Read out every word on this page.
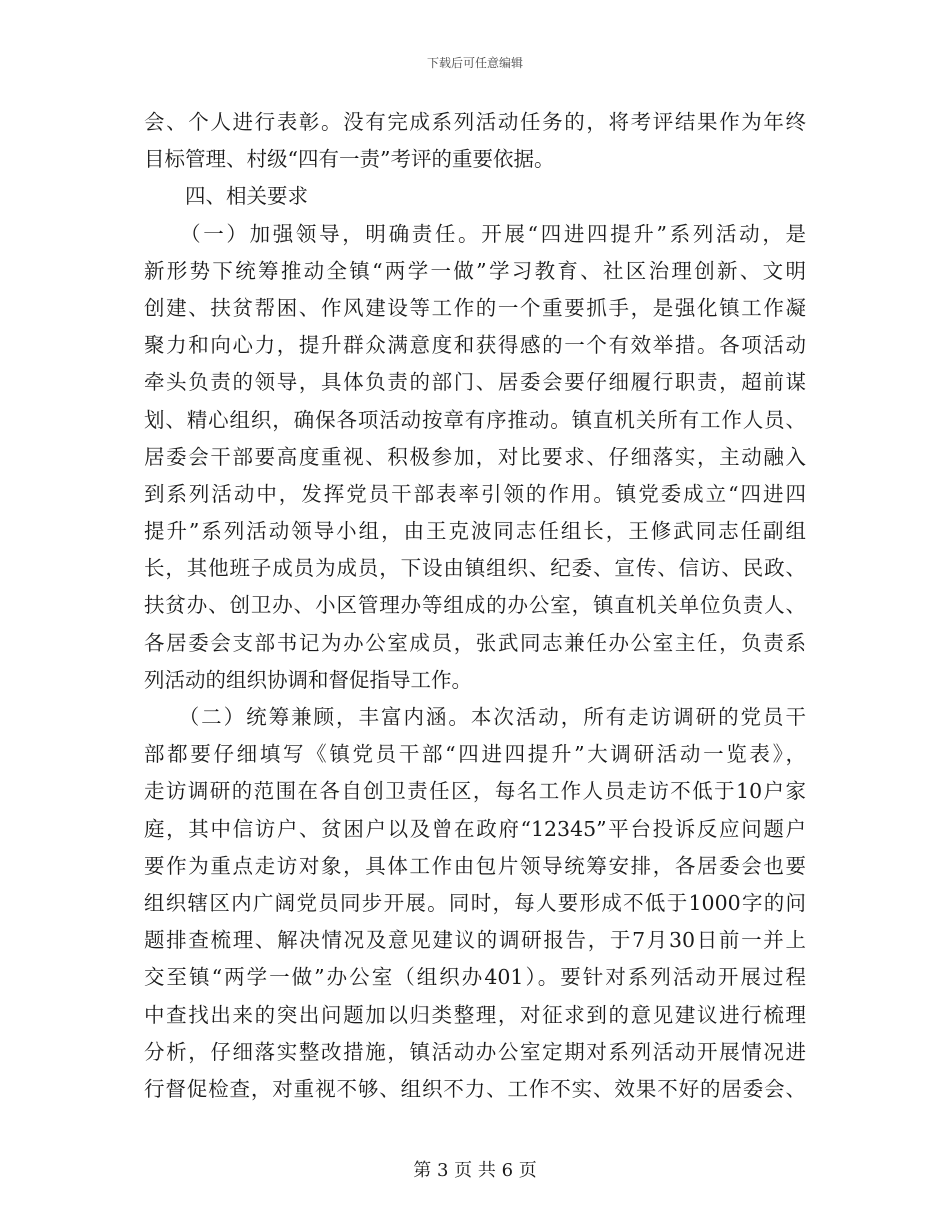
下载后可任意编辑
会、个人进行表彰。没有完成系列活动任务的，将考评结果作为年终
目标管理、村级“四有一责”考评的重要依据。
　　四、相关要求
　　（一）加强领导，明确责任。开展“四进四提升”系列活动，是
新形势下统筹推动全镇“两学一做”学习教育、社区治理创新、文明
创建、扶贫帮困、作风建设等工作的一个重要抓手，是强化镇工作凝
聚力和向心力，提升群众满意度和获得感的一个有效举措。各项活动
牵头负责的领导，具体负责的部门、居委会要仔细履行职责，超前谋
划、精心组织，确保各项活动按章有序推动。镇直机关所有工作人员、
居委会干部要高度重视、积极参加，对比要求、仔细落实，主动融入
到系列活动中，发挥党员干部表率引领的作用。镇党委成立“四进四
提升”系列活动领导小组，由王克波同志任组长，王修武同志任副组
长，其他班子成员为成员，下设由镇组织、纪委、宣传、信访、民政、
扶贫办、创卫办、小区管理办等组成的办公室，镇直机关单位负责人、
各居委会支部书记为办公室成员，张武同志兼任办公室主任，负责系
列活动的组织协调和督促指导工作。
　　（二）统筹兼顾，丰富内涵。本次活动，所有走访调研的党员干
部都要仔细填写《镇党员干部“四进四提升”大调研活动一览表》，
走访调研的范围在各自创卫责任区，每名工作人员走访不低于10户家
庭，其中信访户、贫困户以及曾在政府“12345”平台投诉反应问题户
要作为重点走访对象，具体工作由包片领导统筹安排，各居委会也要
组织辖区内广阔党员同步开展。同时，每人要形成不低于1000字的问
题排查梳理、解决情况及意见建议的调研报告，于7月30日前一并上
交至镇“两学一做”办公室（组织办401）。要针对系列活动开展过程
中查找出来的突出问题加以归类整理，对征求到的意见建议进行梳理
分析，仔细落实整改措施，镇活动办公室定期对系列活动开展情况进
行督促检查，对重视不够、组织不力、工作不实、效果不好的居委会、
第 3 页 共 6 页
